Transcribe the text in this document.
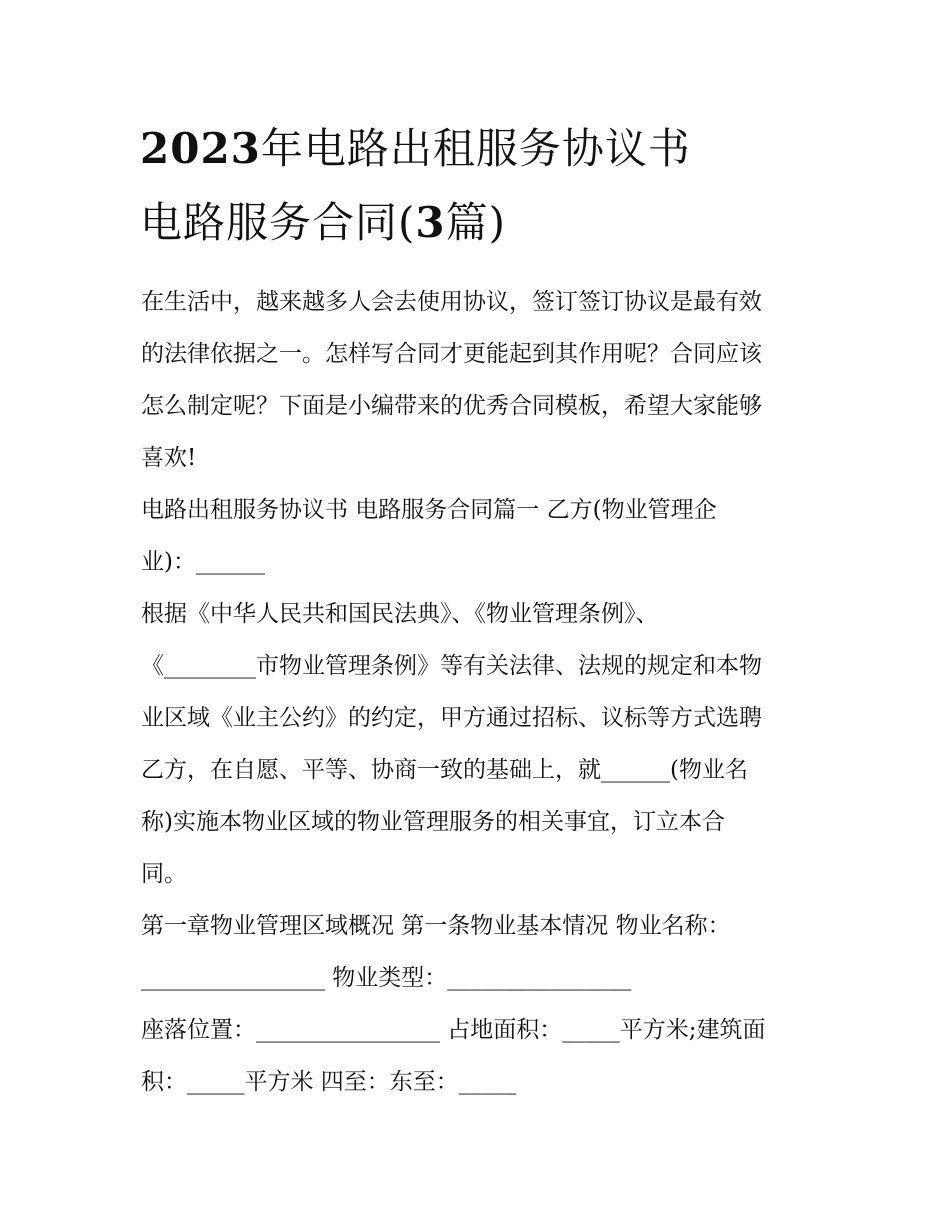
2023年电路出租服务协议书
电路服务合同(3篇)

在生活中，越来越多人会去使用协议，签订签订协议是最有效
的法律依据之一。怎样写合同才更能起到其作用呢？合同应该
怎么制定呢？下面是小编带来的优秀合同模板，希望大家能够
喜欢!

电路出租服务协议书 电路服务合同篇一 乙方(物业管理企
业)：______

根据《中华人民共和国民法典》、《物业管理条例》、
《________市物业管理条例》等有关法律、法规的规定和本物
业区域《业主公约》的约定，甲方通过招标、议标等方式选聘
乙方，在自愿、平等、协商一致的基础上，就______(物业名
称)实施本物业区域的物业管理服务的相关事宜，订立本合
同。

第一章物业管理区域概况 第一条物业基本情况 物业名称：
________________ 物业类型：________________

座落位置：________________ 占地面积：_____平方米;建筑面
积：_____平方米 四至：东至：_____
